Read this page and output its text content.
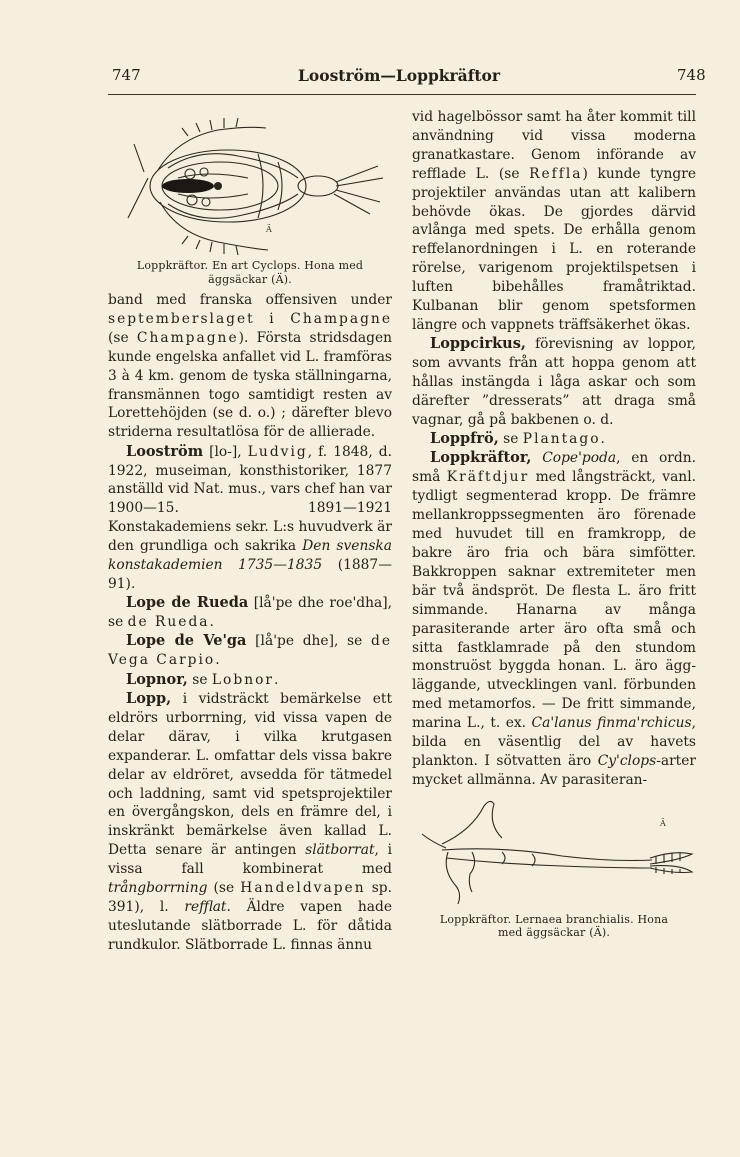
747	Looström—Loppkräftor	748
Ä
Loppkräftor. En art Cyclops. Hona med
äggsäckar (Ä).

band med franska offensiven under septemberslaget i Champagne (se Champagne). Första stridsdagen kunde engelska anfallet vid L. framföras 3 à 4 km. genom de tyska ställningarna, fransmännen togo samtidigt resten av Lorettehöjden (se d. o.) ; därefter blevo striderna resultatlösa för de allierade.

Looström [lo-], Ludvig, f. 1848, d. 1922, museiman, konsthistoriker, 1877 anställd vid Nat. mus., vars chef han var 1900—15. 1891—1921 Konstakademiens sekr. L:s huvudverk är den grundliga och sakrika Den svenska konstakademien 1735—1835 (1887—91).

Lope de Rueda [lå'pe dhe roe'dha], se de Rueda.

Lope de Ve'ga [lå'pe dhe], se de Vega Carpio.

Lopnor, se Lobnor.

Lopp, i vidsträckt bemärkelse ett eldrörs urborrning, vid vissa vapen de delar därav, i vilka krutgasen expanderar. L. omfattar dels vissa bakre delar av eldröret, avsedda för tätmedel och laddning, samt vid spetsprojektiler en övergångskon, dels en främre del, i inskränkt bemärkelse även kallad L. Detta senare är antingen slätborrat, i vissa fall kombinerat med trångborrning (se Handeldvapen sp. 391), l. refflat. Äldre vapen hade uteslutande slätborrade L. för dåtida rundkulor. Slätborrade L. finnas ännu

vid hagelbössor samt ha åter kommit till användning vid vissa moderna granatkastare. Genom införande av refflade L. (se Reffla) kunde tyngre projektiler användas utan att kalibern behövde ökas. De gjordes därvid avlånga med spets. De erhålla genom reffelanordningen i L. en roterande rörelse, varigenom projektilspetsen i luften bibehålles framåtriktad. Kulbanan blir genom spetsformen längre och vappnets träffsäkerhet ökas.

Loppcirkus, förevisning av loppor, som avvants från att hoppa genom att hållas instängda i låga askar och som därefter ”dresserats” att draga små vagnar, gå på bakbenen o. d.

Loppfrö, se Plantago.

Loppkräftor, Cope'poda, en ordn. små Kräftdjur med långsträckt, vanl. tydligt segmenterad kropp. De främre mellankroppssegmenten äro förenade med huvudet till en framkropp, de bakre äro fria och bära simfötter. Bakkroppen saknar extremiteter men bär två ändspröt. De flesta L. äro fritt simmande. Hanarna av många parasiterande arter äro ofta små och sitta fastklamrade på den stundom monstruöst byggda honan. L. äro äggläggande, utvecklingen vanl. förbunden med metamorfos. — De fritt simmande, marina L., t. ex. Ca'lanus finma'rchicus, bilda en väsentlig del av havets plankton. I sötvatten äro Cy'clops-arter mycket allmänna. Av parasiteran-

Ä
Loppkräftor. Lernaea branchialis. Hona
med äggsäckar (Ä).
